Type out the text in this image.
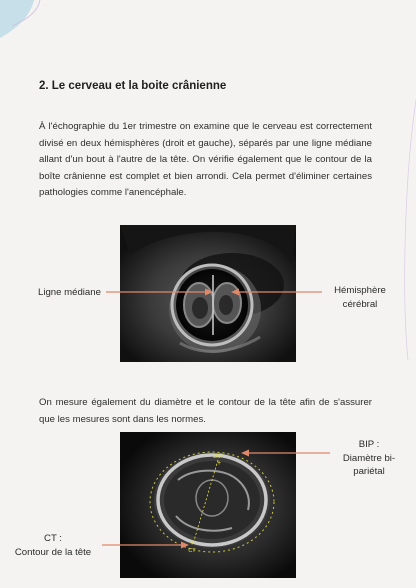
2. Le cerveau et la boite crânienne

À l'échographie du 1er trimestre on examine que le cerveau est correctement divisé en deux hémisphères (droit et gauche), séparés par une ligne médiane allant d'un bout à l'autre de la tête. On vérifie également que le contour de la boîte crânienne est complet et bien arrondi. Cela permet d'éliminer certaines pathologies comme l'anencéphale.

Ligne médiane	Hémisphère
cérébral

On mesure également du diamètre et le contour de la tête afin de s'assurer que les mesures sont dans les normes.

BIP
+
+
CT
BIP :
Diamètre bi-
pariétal
CT :
Contour de la tête
